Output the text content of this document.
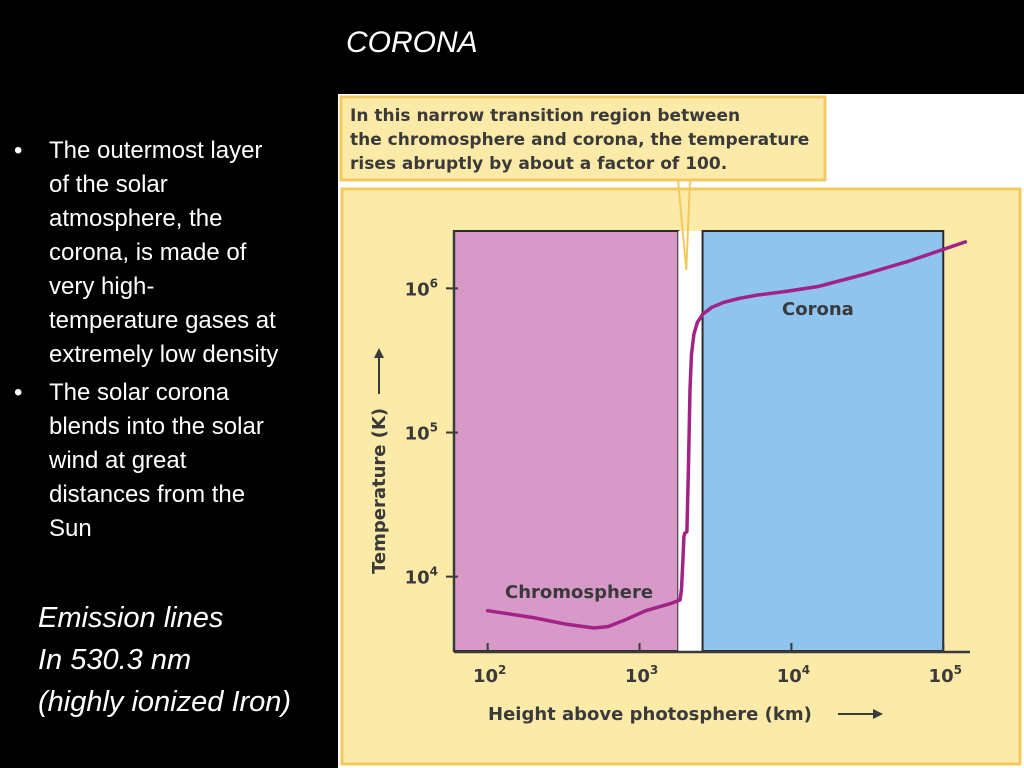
CORONA
• The outermost layer
of the solar
atmosphere, the
corona, is made of
very high-
temperature gases at
extremely low density
• The solar corona
blends into the solar
wind at great
distances from the
Sun
Emission lines
In 530.3 nm
(highly ionized Iron)
In this narrow transition region between
the chromosphere and corona, the temperature
rises abruptly by about a factor of 100.
$10^2$	$10^3$	$10^4$	$10^5$
$10^4$
$10^5$
$10^6$
Height above photosphere (km)
Temperature (K)
Chromosphere
Corona
